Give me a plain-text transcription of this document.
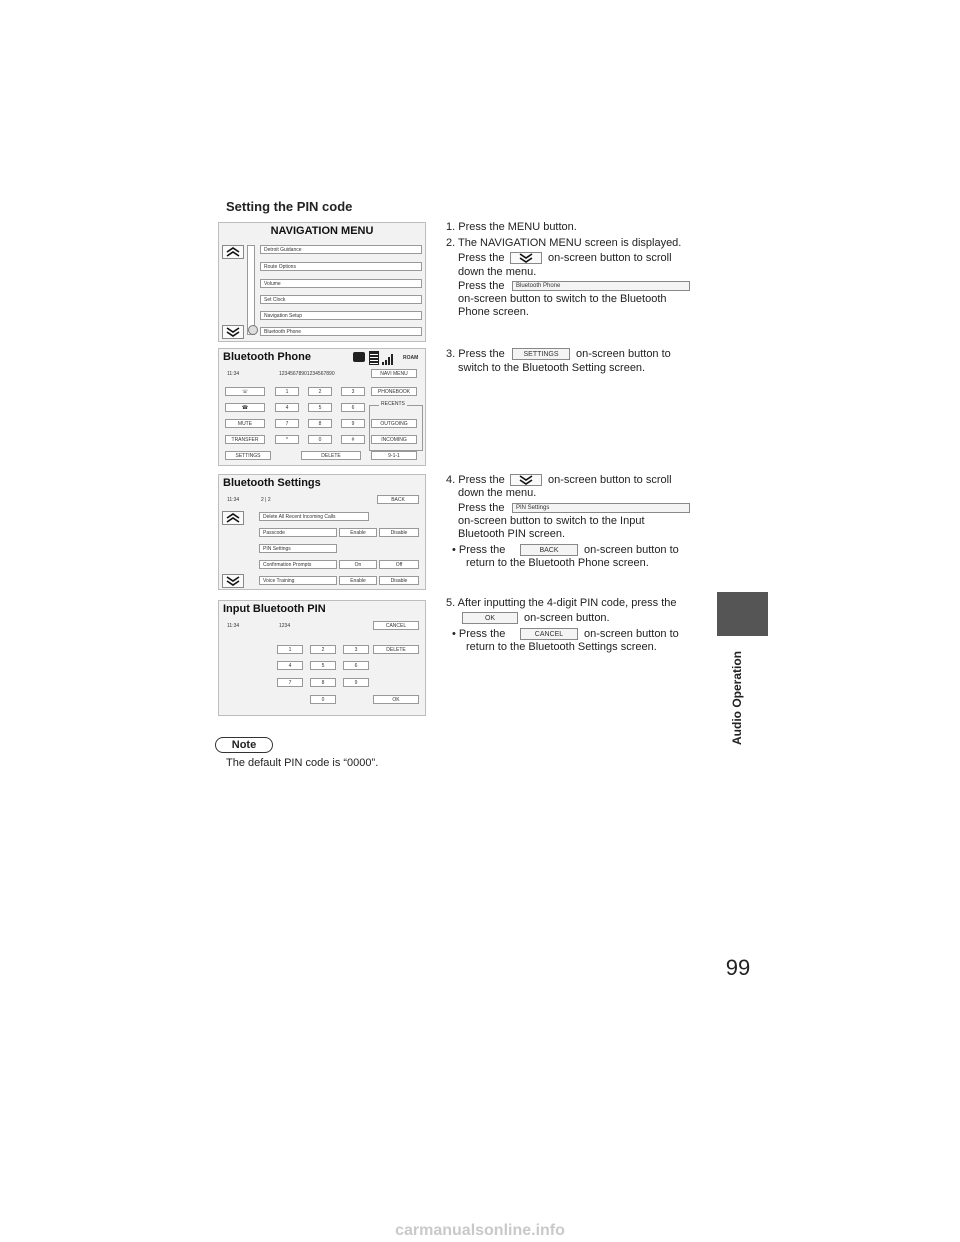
Setting the PIN code
NAVIGATION MENU
Detroit Guidance
Route Options
Volume
Set Clock
Navigation Setup
Bluetooth Phone
Bluetooth Phone	ROAM
11:34	12345678901234567890	NAVI MENU
☏
☎
MUTE
TRANSFER
SETTINGS
1	2	3
4	5	6
7	8	9
*	0	#
DELETE
PHONEBOOK
RECENTS
OUTGOING
INCOMING
9-1-1
Bluetooth Settings
11:34	2 | 2	BACK
Delete All Recent Incoming Calls
Passcode	Enable	Disable
PIN Settings
Confirmation Prompts	On	Off
Voice Training	Enable	Disable
Input Bluetooth PIN
11:34	1234	CANCEL
1	2	3
4	5	6
7	8	9
0
DELETE
OK
1. Press the MENU button.
2. The NAVIGATION MENU screen is displayed.
Press the	on-screen button to scroll
down the menu.
Press the	Bluetooth Phone
on-screen button to switch to the Bluetooth
Phone screen.
3. Press the	SETTINGS	on-screen button to
switch to the Bluetooth Setting screen.
4. Press the	on-screen button to scroll
down the menu.
Press the	PIN Settings
on-screen button to switch to the Input
Bluetooth PIN screen.
• Press the	BACK	on-screen button to
return to the Bluetooth Phone screen.
5. After inputting the 4-digit PIN code, press the
OK	on-screen button.
• Press the	CANCEL	on-screen button to
return to the Bluetooth Settings screen.
Note
The default PIN code is “0000”.
Audio Operation
99
carmanualsonline.info
